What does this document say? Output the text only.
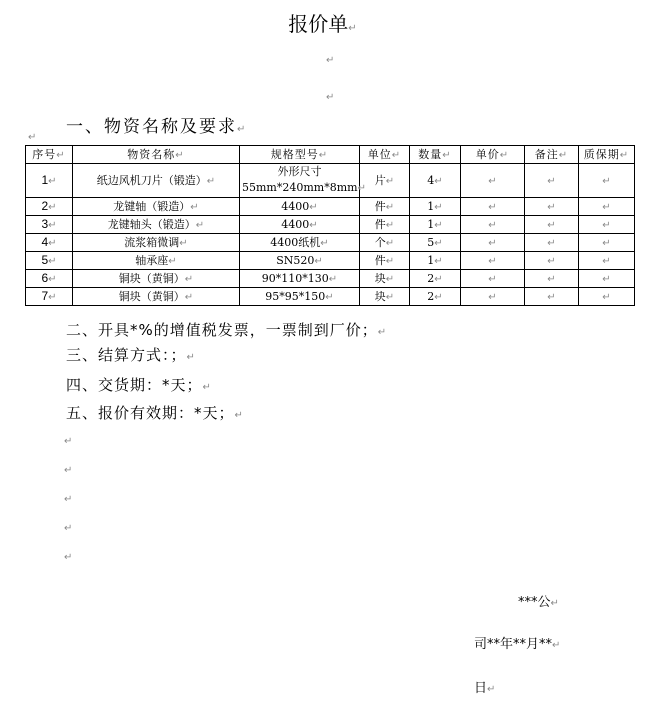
报价单↵
↵
↵
一、物资名称及要求↵
↵
序号↵	物资名称↵	规格型号↵	单位↵	数量↵	单价↵	备注↵	质保期↵
1↵	纸边风机刀片（锻造）↵	外形尺寸
55mm*240mm*8mm↵	片↵	4↵	↵	↵	↵
2↵	龙键轴（锻造）↵	4400↵	件↵	1↵	↵	↵	↵
3↵	龙键轴头（锻造）↵	4400↵	件↵	1↵	↵	↵	↵
4↵	流浆箱微调↵	4400纸机↵	个↵	5↵	↵	↵	↵
5↵	轴承座↵	SN520↵	件↵	1↵	↵	↵	↵
6↵	铜块（黄铜）↵	90*110*130↵	块↵	2↵	↵	↵	↵
7↵	铜块（黄铜）↵	95*95*150↵	块↵	2↵	↵	↵	↵
二、开具*%的增值税发票，一票制到厂价；↵
三、结算方式：；↵
四、交货期：*天；↵
五、报价有效期：*天；↵
↵
↵
↵
↵
↵
***公↵
司**年**月**↵
日↵
